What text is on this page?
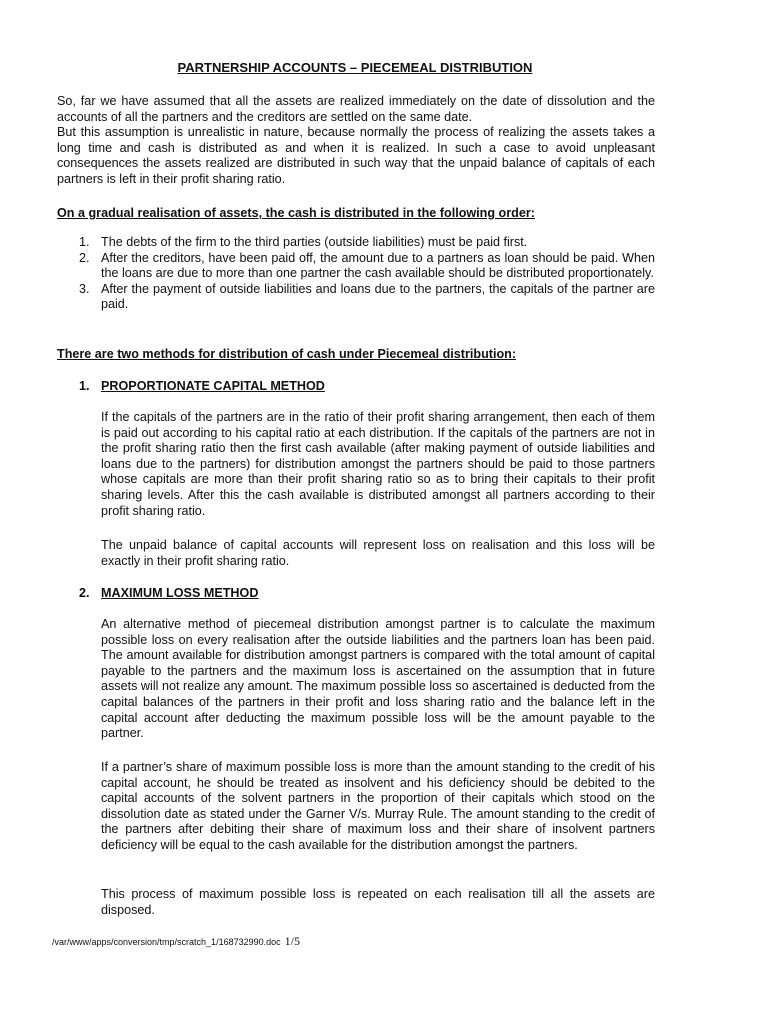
PARTNERSHIP ACCOUNTS – PIECEMEAL DISTRIBUTION

So, far we have assumed that all the assets are realized immediately on the date of dissolution and the accounts of all the partners and the creditors are settled on the same date.

But this assumption is unrealistic in nature, because normally the process of realizing the assets takes a long time and cash is distributed as and when it is realized. In such a case to avoid unpleasant consequences the assets realized are distributed in such way that the unpaid balance of capitals of each partners is left in their profit sharing ratio.

On a gradual realisation of assets, the cash is distributed in the following order:
1. The debts of the firm to the third parties (outside liabilities) must be paid first.
2. After the creditors, have been paid off, the amount due to a partners as loan should be paid. When the loans are due to more than one partner the cash available should be distributed proportionately.
3. After the payment of outside liabilities and loans due to the partners, the capitals of the partner are paid.
There are two methods for distribution of cash under Piecemeal distribution:
1. PROPORTIONATE CAPITAL METHOD

If the capitals of the partners are in the ratio of their profit sharing arrangement, then each of them is paid out according to his capital ratio at each distribution. If the capitals of the partners are not in the profit sharing ratio then the first cash available (after making payment of outside liabilities and loans due to the partners) for distribution amongst the partners should be paid to those partners whose capitals are more than their profit sharing ratio so as to bring their capitals to their profit sharing levels. After this the cash available is distributed amongst all partners according to their profit sharing ratio.

The unpaid balance of capital accounts will represent loss on realisation and this loss will be exactly in their profit sharing ratio.

2. MAXIMUM LOSS METHOD

An alternative method of piecemeal distribution amongst partner is to calculate the maximum possible loss on every realisation after the outside liabilities and the partners loan has been paid. The amount available for distribution amongst partners is compared with the total amount of capital payable to the partners and the maximum loss is ascertained on the assumption that in future assets will not realize any amount. The maximum possible loss so ascertained is deducted from the capital balances of the partners in their profit and loss sharing ratio and the balance left in the capital account after deducting the maximum possible loss will be the amount payable to the partner.

If a partner’s share of maximum possible loss is more than the amount standing to the credit of his capital account, he should be treated as insolvent and his deficiency should be debited to the capital accounts of the solvent partners in the proportion of their capitals which stood on the dissolution date as stated under the Garner V/s. Murray Rule. The amount standing to the credit of the partners after debiting their share of maximum loss and their share of insolvent partners deficiency will be equal to the cash available for the distribution amongst the partners.

This process of maximum possible loss is repeated on each realisation till all the assets are disposed.

/var/www/apps/conversion/tmp/scratch_1/168732990.doc 1/5
